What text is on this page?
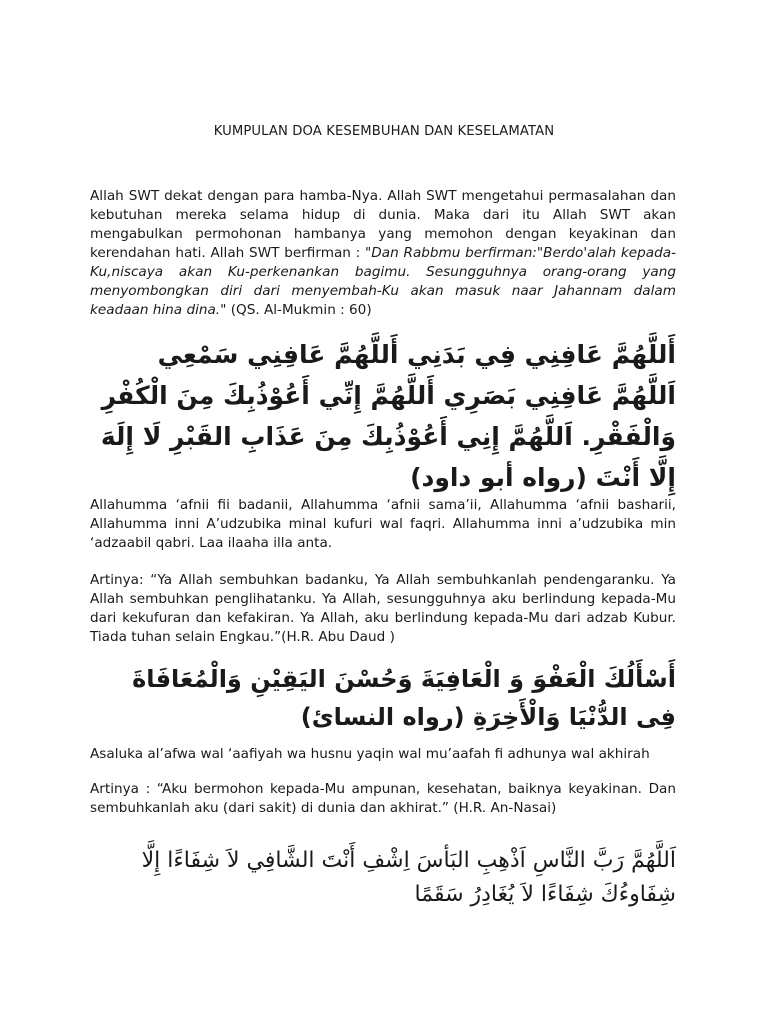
KUMPULAN DOA KESEMBUHAN DAN KESELAMATAN

Allah SWT dekat dengan para hamba-Nya. Allah SWT mengetahui permasalahan dan kebutuhan mereka selama hidup di dunia. Maka dari itu Allah SWT akan mengabulkan permohonan hambanya yang memohon dengan keyakinan dan kerendahan hati. Allah SWT berfirman : "Dan Rabbmu berfirman:"Berdo'alah kepada-Ku,niscaya akan Ku-perkenankan bagimu. Sesungguhnya orang-orang yang menyombongkan diri dari menyembah-Ku akan masuk naar Jahannam dalam keadaan hina dina." (QS. Al-Mukmin : 60)

أَللَّهُمَّ عَافِنِي فِي بَدَنِي أَللَّهُمَّ عَافِنِي سَمْعِي اَللَّهُمَّ عَافِنِي بَصَرِي أَللَّهُمَّ إِنِّي أَعُوْذُبِكَ مِنَ الْكُفْرِ وَالْفَقْرِ. اَللَّهُمَّ إِنِي أَعُوْذُبِكَ مِنَ عَذَابِ القَبْرِ لَا إِلَهَ إِلَّا أَنْتَ (رواه أبو داود)

Allahumma ‘afnii fii badanii, Allahumma ‘afnii sama’ii, Allahumma ‘afnii basharii, Allahumma inni A’udzubika minal kufuri wal faqri. Allahumma inni a’udzubika min ‘adzaabil qabri. Laa ilaaha illa anta.

Artinya: “Ya Allah sembuhkan badanku, Ya Allah sembuhkanlah pendengaranku. Ya Allah sembuhkan penglihatanku. Ya Allah, sesungguhnya aku berlindung kepada-Mu dari kekufuran dan kefakiran. Ya Allah, aku berlindung kepada-Mu dari adzab Kubur. Tiada tuhan selain Engkau.”(H.R. Abu Daud )

أَسْأَلُكَ الْعَفْوَ وَ الْعَافِيَةَ وَحُسْنَ اليَقِيْنِ وَالْمُعَافَاةَ فِى الدُّنْيَا وَالْأَخِرَةِ (رواه النسائ)

Asaluka al’afwa wal ‘aafiyah wa husnu yaqin wal mu’aafah fi adhunya wal akhirah

Artinya : “Aku bermohon kepada-Mu ampunan, kesehatan, baiknya keyakinan. Dan sembuhkanlah aku (dari sakit) di dunia dan akhirat.” (H.R. An-Nasai)

اَللَّهُمَّ رَبَّ النَّاسِ اَذْهِبِ البَأسَ اِشْفِ أَنْتَ الشَّافِي لاَ شِفَاءًا إِلَّا شِفَاوءُكَ شِفَاءًا لاَ يُغَادِرُ سَقَمًا
